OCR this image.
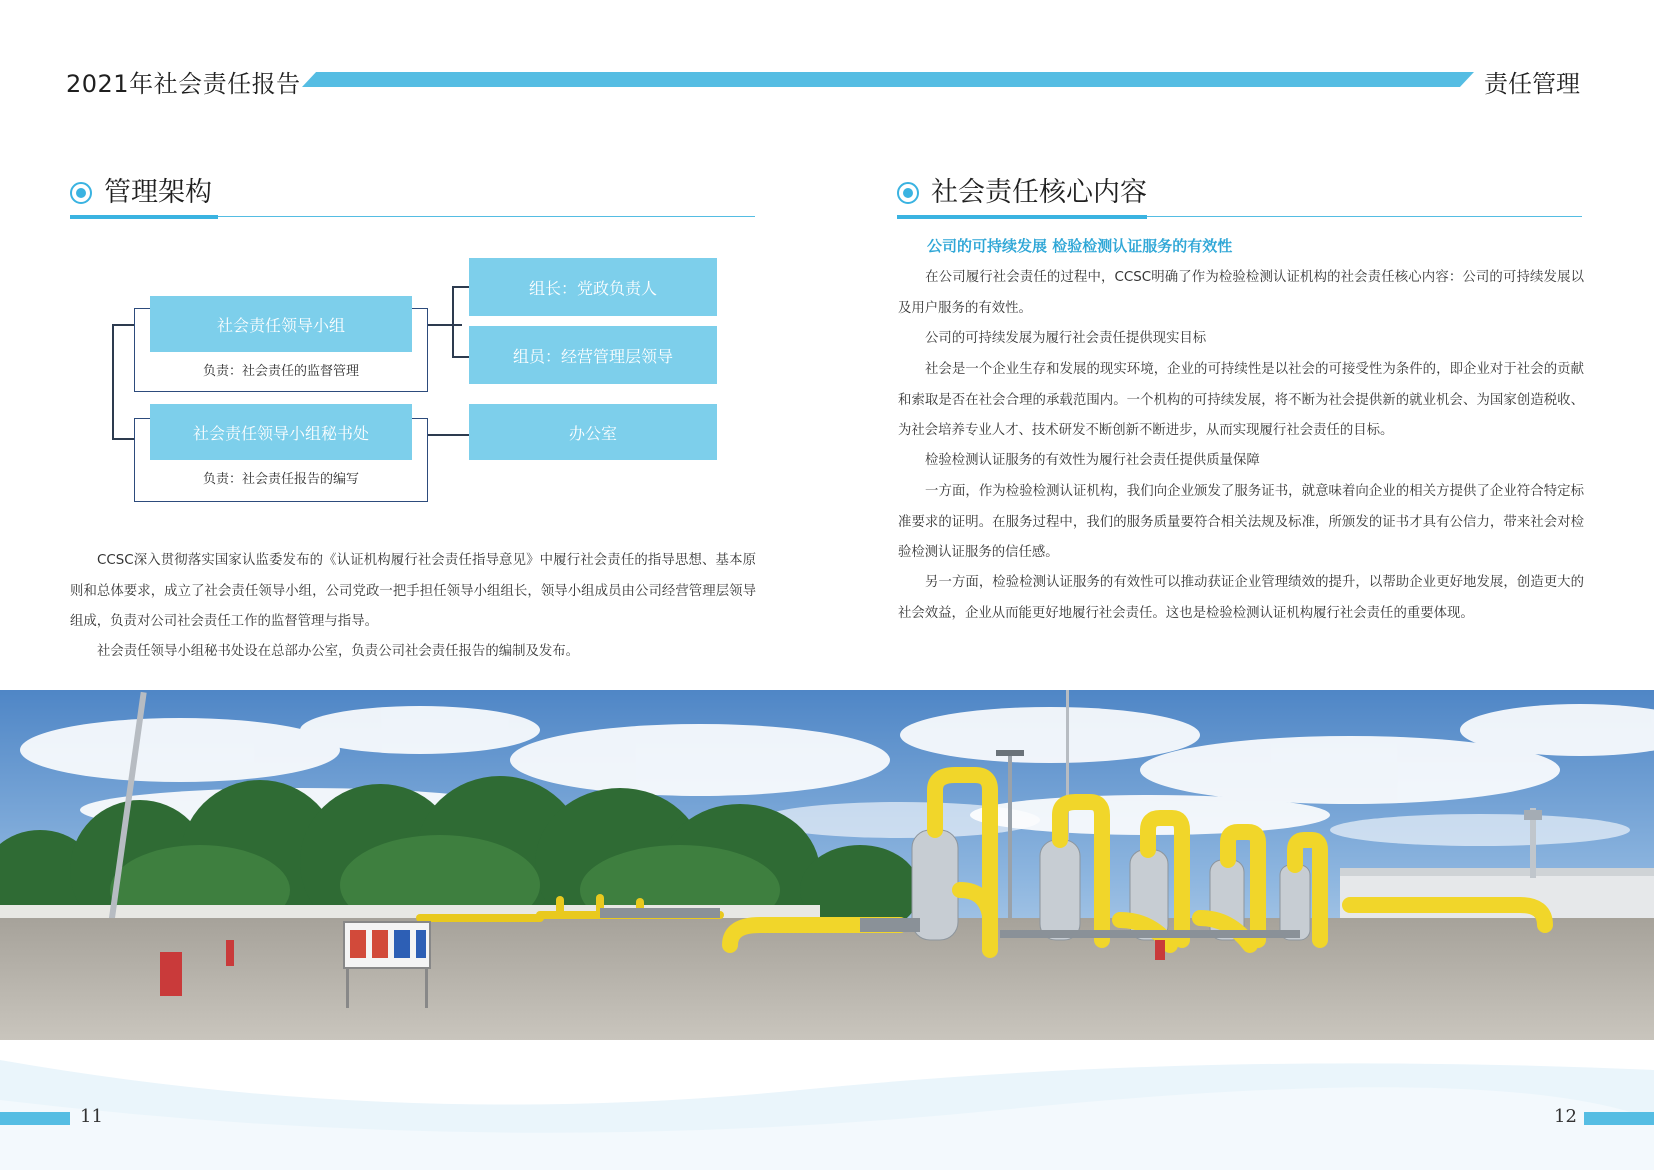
2021年社会责任报告	责任管理
管理架构
社会责任领导小组
负责：社会责任的监督管理
组长：党政负责人
组员：经营管理层领导
社会责任领导小组秘书处
负责：社会责任报告的编写
办公室

CCSC深入贯彻落实国家认监委发布的《认证机构履行社会责任指导意见》中履行社会责任的指导思想、基本原则和总体要求，成立了社会责任领导小组，公司党政一把手担任领导小组组长，领导小组成员由公司经营管理层领导组成，负责对公司社会责任工作的监督管理与指导。

社会责任领导小组秘书处设在总部办公室，负责公司社会责任报告的编制及发布。

社会责任核心内容
公司的可持续发展 检验检测认证服务的有效性

在公司履行社会责任的过程中，CCSC明确了作为检验检测认证机构的社会责任核心内容：公司的可持续发展以及用户服务的有效性。

公司的可持续发展为履行社会责任提供现实目标

社会是一个企业生存和发展的现实环境，企业的可持续性是以社会的可接受性为条件的，即企业对于社会的贡献和索取是否在社会合理的承载范围内。一个机构的可持续发展，将不断为社会提供新的就业机会、为国家创造税收、为社会培养专业人才、技术研发不断创新不断进步，从而实现履行社会责任的目标。

检验检测认证服务的有效性为履行社会责任提供质量保障

一方面，作为检验检测认证机构，我们向企业颁发了服务证书，就意味着向企业的相关方提供了企业符合特定标准要求的证明。在服务过程中，我们的服务质量要符合相关法规及标准，所颁发的证书才具有公信力，带来社会对检验检测认证服务的信任感。

另一方面，检验检测认证服务的有效性可以推动获证企业管理绩效的提升，以帮助企业更好地发展，创造更大的社会效益，企业从而能更好地履行社会责任。这也是检验检测认证机构履行社会责任的重要体现。

11	12
